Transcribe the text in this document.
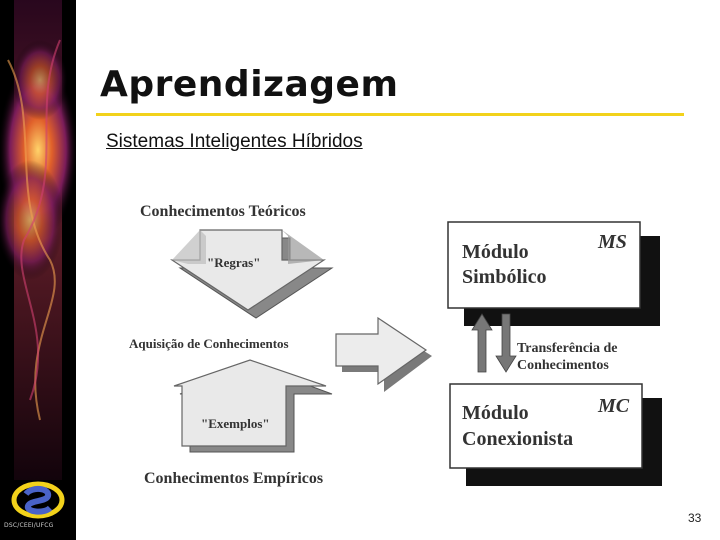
DSC/CEEI/UFCG
Aprendizagem
Sistemas Inteligentes Híbridos
Conhecimentos Teóricos
"Regras"
Aquisição de Conhecimentos
"Exemplos"
Conhecimentos Empíricos
Módulo
Simbólico
MS
Transferência de
Conhecimentos
Módulo
Conexionista
MC
33
